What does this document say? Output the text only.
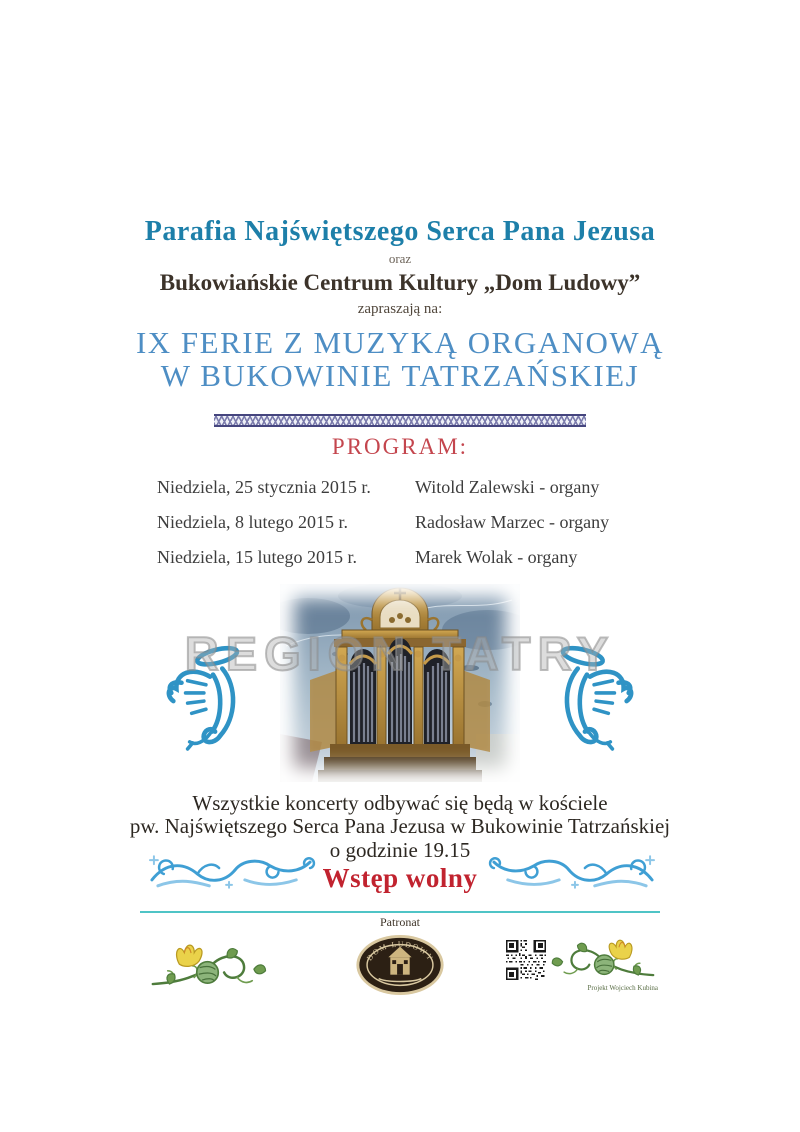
Parafia Najświętszego Serca Pana Jezusa
oraz
Bukowiańskie Centrum Kultury „Dom Ludowy”
zapraszają na:
IX FERIE Z MUZYKĄ ORGANOWĄ
W BUKOWINIE TATRZAŃSKIEJ
PROGRAM:
Niedziela, 25 stycznia 2015 r.	Witold Zalewski - organy
Niedziela, 8 lutego 2015 r.	Radosław Marzec - organy
Niedziela, 15 lutego 2015 r.	Marek Wolak - organy
REGION TATRY
Wszystkie koncerty odbywać się będą w kościele
pw. Najświętszego Serca Pana Jezusa w Bukowinie Tatrzańskiej
o godzinie 19.15
Wstęp wolny
Patronat
DOM LUDOWY
Projekt Wojciech Kubina
